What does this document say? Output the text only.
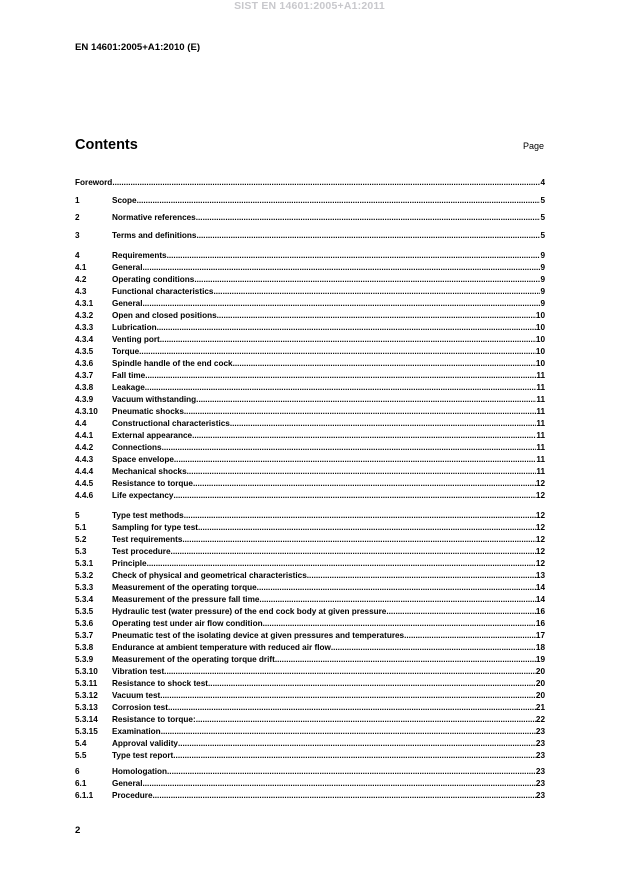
SIST EN 14601:2005+A1:2011
EN 14601:2005+A1:2010 (E)
Contents	Page
Foreword .....	4
1	Scope .....	5
2	Normative references .....	5
3	Terms and definitions .....	5
4	Requirements .....	9
4.1	General .....	9
4.2	Operating conditions .....	9
4.3	Functional characteristics .....	9
4.3.1 General .....	9
4.3.2 Open and closed positions .....	10
4.3.3 Lubrication .....	10
4.3.4 Venting port .....	10
4.3.5 Torque .....	10
4.3.6 Spindle handle of the end cock .....	10
4.3.7 Fall time .....	11
4.3.8 Leakage .....	11
4.3.9 Vacuum withstanding .....	11
4.3.10 Pneumatic shocks .....	11
4.4	Constructional characteristics .....	11
4.4.1 External appearance .....	11
4.4.2 Connections .....	11
4.4.3 Space envelope .....	11
4.4.4 Mechanical shocks .....	11
4.4.5 Resistance to torque .....	12
4.4.6 Life expectancy .....	12
5	Type test methods .....	12
5.1	Sampling for type test .....	12
5.2	Test requirements .....	12
5.3	Test procedure .....	12
5.3.1 Principle .....	12
5.3.2 Check of physical and geometrical characteristics .....	13
5.3.3 Measurement of the operating torque .....	14
5.3.4 Measurement of the pressure fall time .....	14
5.3.5 Hydraulic test (water pressure) of the end cock body at given pressure .....	16
5.3.6 Operating test under air flow condition .....	16
5.3.7 Pneumatic test of the isolating device at given pressures and temperatures .....	17
5.3.8 Endurance at ambient temperature with reduced air flow .....	18
5.3.9 Measurement of the operating torque drift .....	19
5.3.10 Vibration test .....	20
5.3.11 Resistance to shock test .....	20
5.3.12 Vacuum test .....	20
5.3.13 Corrosion test .....	21
5.3.14 Resistance to torque: .....	22
5.3.15 Examination .....	23
5.4	Approval validity .....	23
5.5	Type test report .....	23
6	Homologation .....	23
6.1	General .....	23
6.1.1 Procedure .....	23
2
